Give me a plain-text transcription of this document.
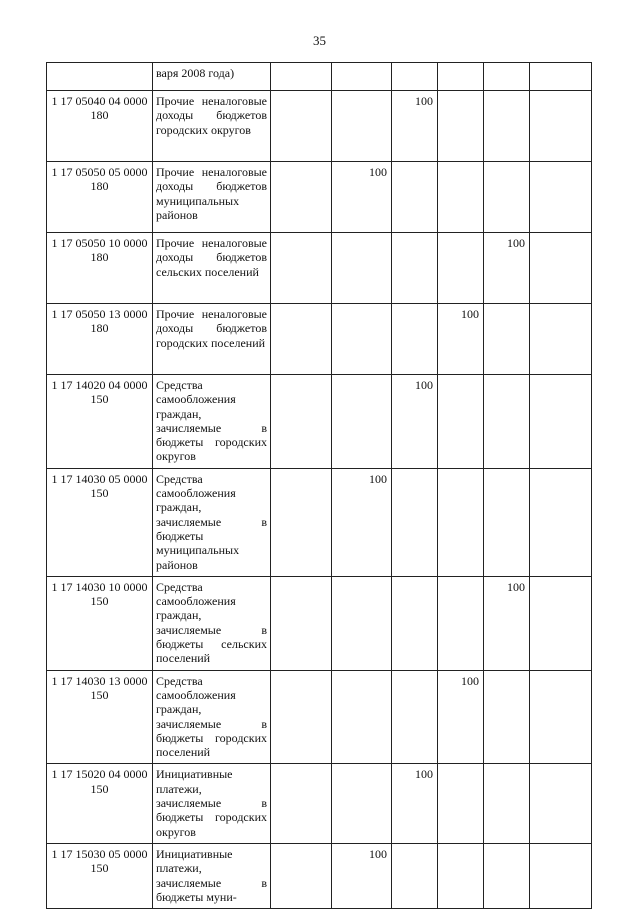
35
	варя 2008 года)						
1 17 05040 04 0000 180	Прочие неналоговые доходы бюджетов городских округов			100			
1 17 05050 05 0000 180	Прочие неналоговые доходы бюджетов муниципальных районов		100				
1 17 05050 10 0000 180	Прочие неналоговые доходы бюджетов сельских поселений					100	
1 17 05050 13 0000 180	Прочие неналоговые доходы бюджетов городских поселений				100		
1 17 14020 04 0000 150	Средства самообложения граждан, зачисляемые в бюджеты городских округов			100			
1 17 14030 05 0000 150	Средства самообложения граждан, зачисляемые в бюджеты муниципальных районов		100				
1 17 14030 10 0000 150	Средства самообложения граждан, зачисляемые в бюджеты сельских поселений					100	
1 17 14030 13 0000 150	Средства самообложения граждан, зачисляемые в бюджеты городских поселений				100		
1 17 15020 04 0000 150	Инициативные платежи, зачисляемые в бюджеты городских округов			100			
1 17 15030 05 0000 150	Инициативные платежи, зачисляемые в бюджеты муни-		100				
